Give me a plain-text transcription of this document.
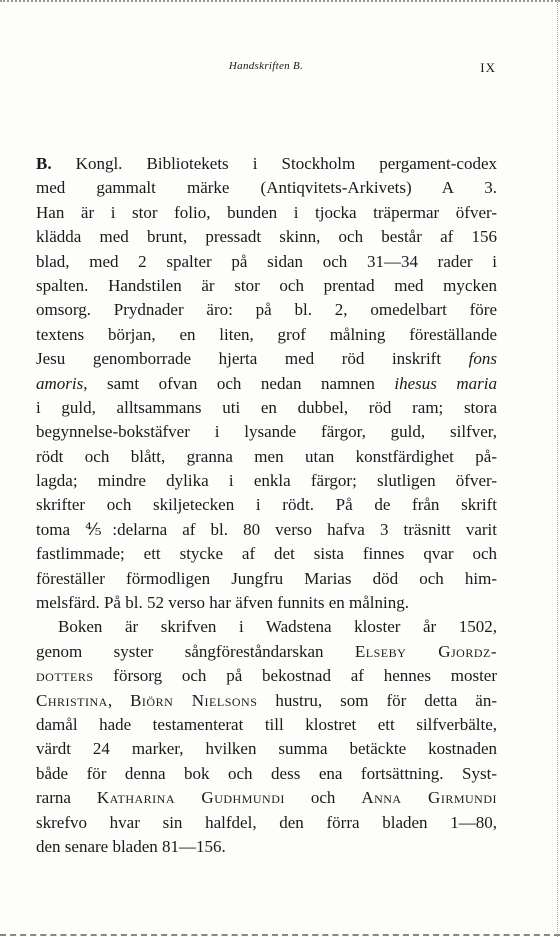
Handskriften B.	IX
B. Kongl. Bibliotekets i Stockholm pergament-codex
med gammalt märke (Antiqvitets-Arkivets) A 3.
Han är i stor folio, bunden i tjocka träpermar öfver-
klädda med brunt, pressadt skinn, och består af 156
blad, med 2 spalter på sidan och 31—34 rader i
spalten. Handstilen är stor och prentad med mycken
omsorg. Prydnader äro: på bl. 2, omedelbart före
textens början, en liten, grof målning föreställande
Jesu genomborrade hjerta med röd inskrift fons
amoris, samt ofvan och nedan namnen ihesus maria
i guld, alltsammans uti en dubbel, röd ram; stora
begynnelse-bokstäfver i lysande färgor, guld, silfver,
rödt och blått, granna men utan konstfärdighet på-
lagda; mindre dylika i enkla färgor; slutligen öfver-
skrifter och skiljetecken i rödt. På de från skrift
toma ⅘:delarna af bl. 80 verso hafva 3 träsnitt varit
fastlimmade; ett stycke af det sista finnes qvar och
föreställer förmodligen Jungfru Marias död och him-
melsfärd. På bl. 52 verso har äfven funnits en målning.
Boken är skrifven i Wadstena kloster år 1502,
genom syster sångföreståndarskan Elseby Gjordz-
dotters försorg och på bekostnad af hennes moster
Christina, Biörn Nielsons hustru, som för detta än-
damål hade testamenterat till klostret ett silfverbälte,
värdt 24 marker, hvilken summa betäckte kostnaden
både för denna bok och dess ena fortsättning. Syst-
rarna Katharina Gudhmundi och Anna Girmundi
skrefvo hvar sin halfdel, den förra bladen 1—80,
den senare bladen 81—156.
